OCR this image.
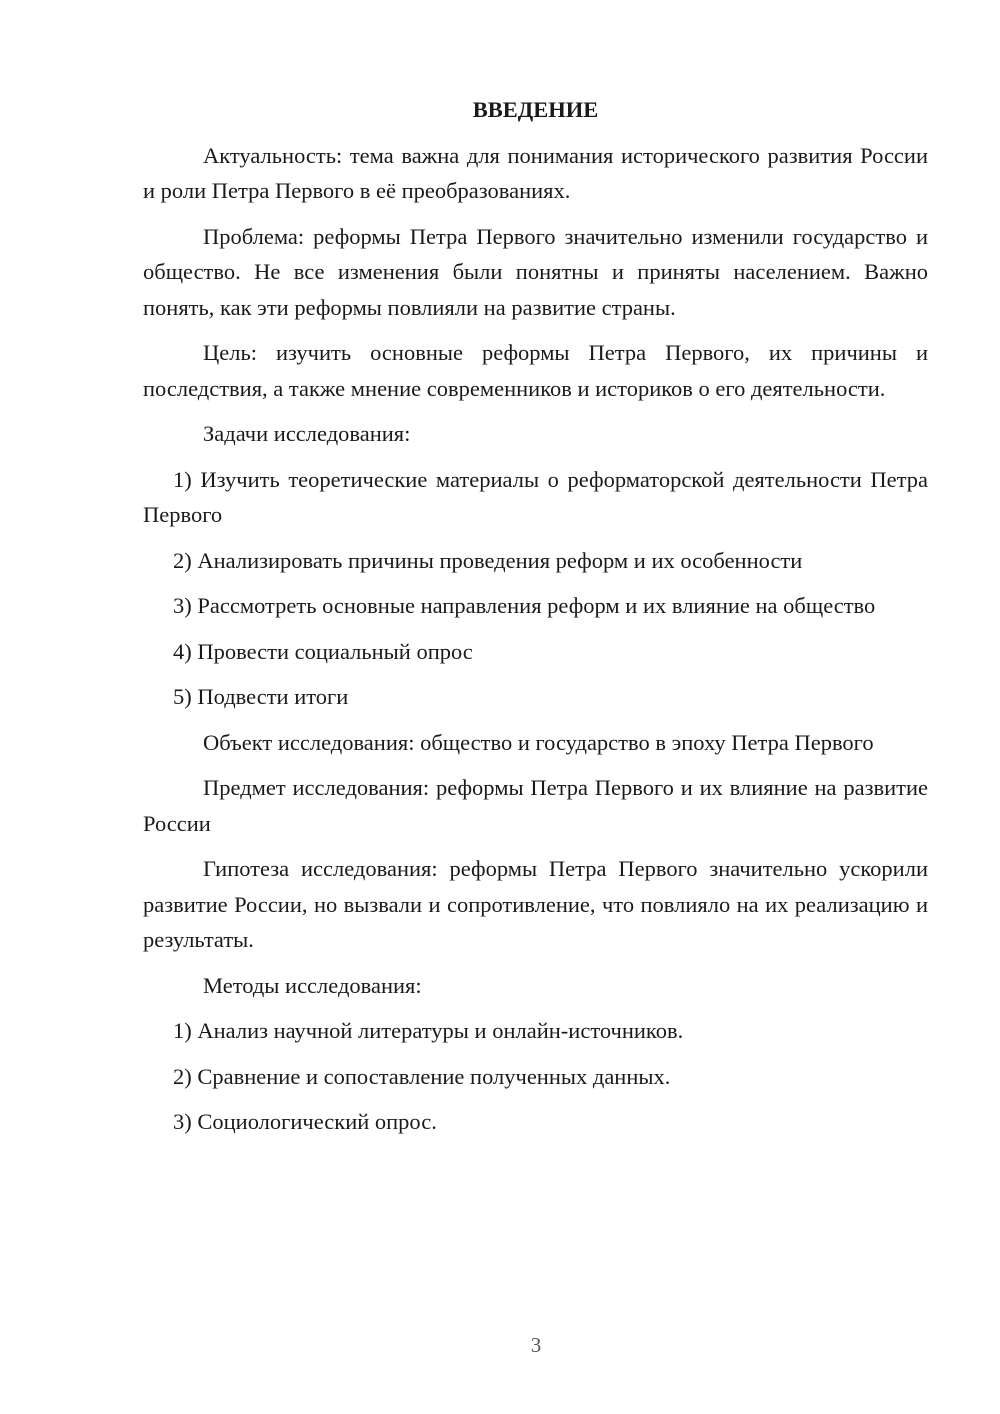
ВВЕДЕНИЕ

Актуальность: тема важна для понимания исторического развития России и роли Петра Первого в её преобразованиях.

Проблема: реформы Петра Первого значительно изменили государство и общество. Не все изменения были понятны и приняты населением. Важно понять, как эти реформы повлияли на развитие страны.

Цель: изучить основные реформы Петра Первого, их причины и последствия, а также мнение современников и историков о его деятельности.

Задачи исследования:

1) Изучить теоретические материалы о реформаторской деятельности Петра Первого

2) Анализировать причины проведения реформ и их особенности

3) Рассмотреть основные направления реформ и их влияние на общество

4) Провести социальный опрос

5) Подвести итоги

Объект исследования: общество и государство в эпоху Петра Первого

Предмет исследования: реформы Петра Первого и их влияние на развитие России

Гипотеза исследования: реформы Петра Первого значительно ускорили развитие России, но вызвали и сопротивление, что повлияло на их реализацию и результаты.

Методы исследования:

1) Анализ научной литературы и онлайн-источников.

2) Сравнение и сопоставление полученных данных.

3) Социологический опрос.

3
